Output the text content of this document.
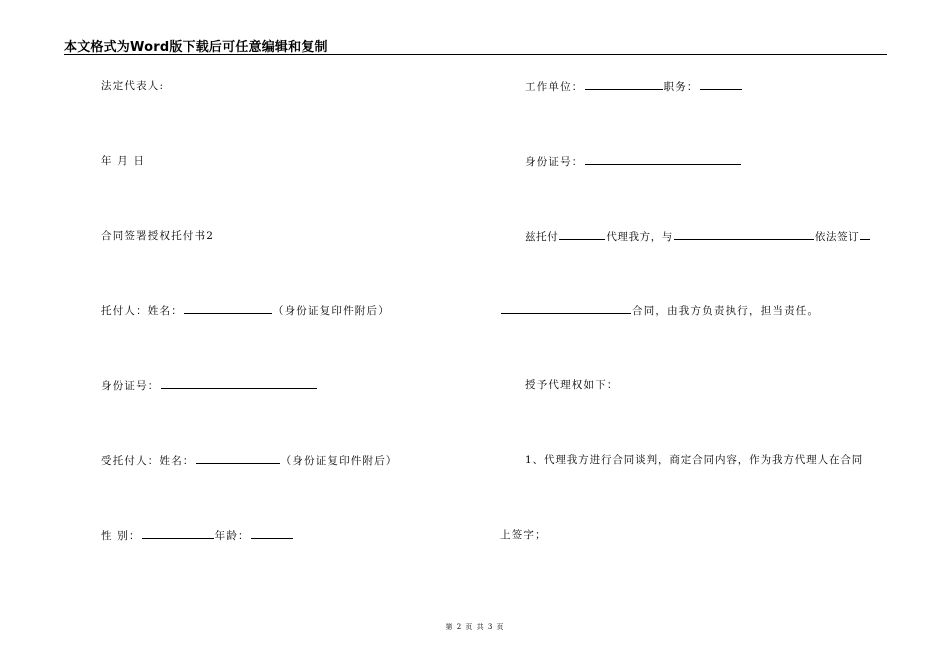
本文格式为Word版下载后可任意编辑和复制
法定代表人:
年 月 日
合同签署授权托付书2
托付人：姓名：	（身份证复印件附后）
身份证号：
受托付人：姓名：	（身份证复印件附后）
性 别：	年龄：
工作单位：	职务：
身份证号：
兹托付	代理我方，与	依法签订
合同，由我方负责执行，担当责任。
授予代理权如下：
1、代理我方进行合同谈判，商定合同内容，作为我方代理人在合同
上签字；
第 2 页 共 3 页
